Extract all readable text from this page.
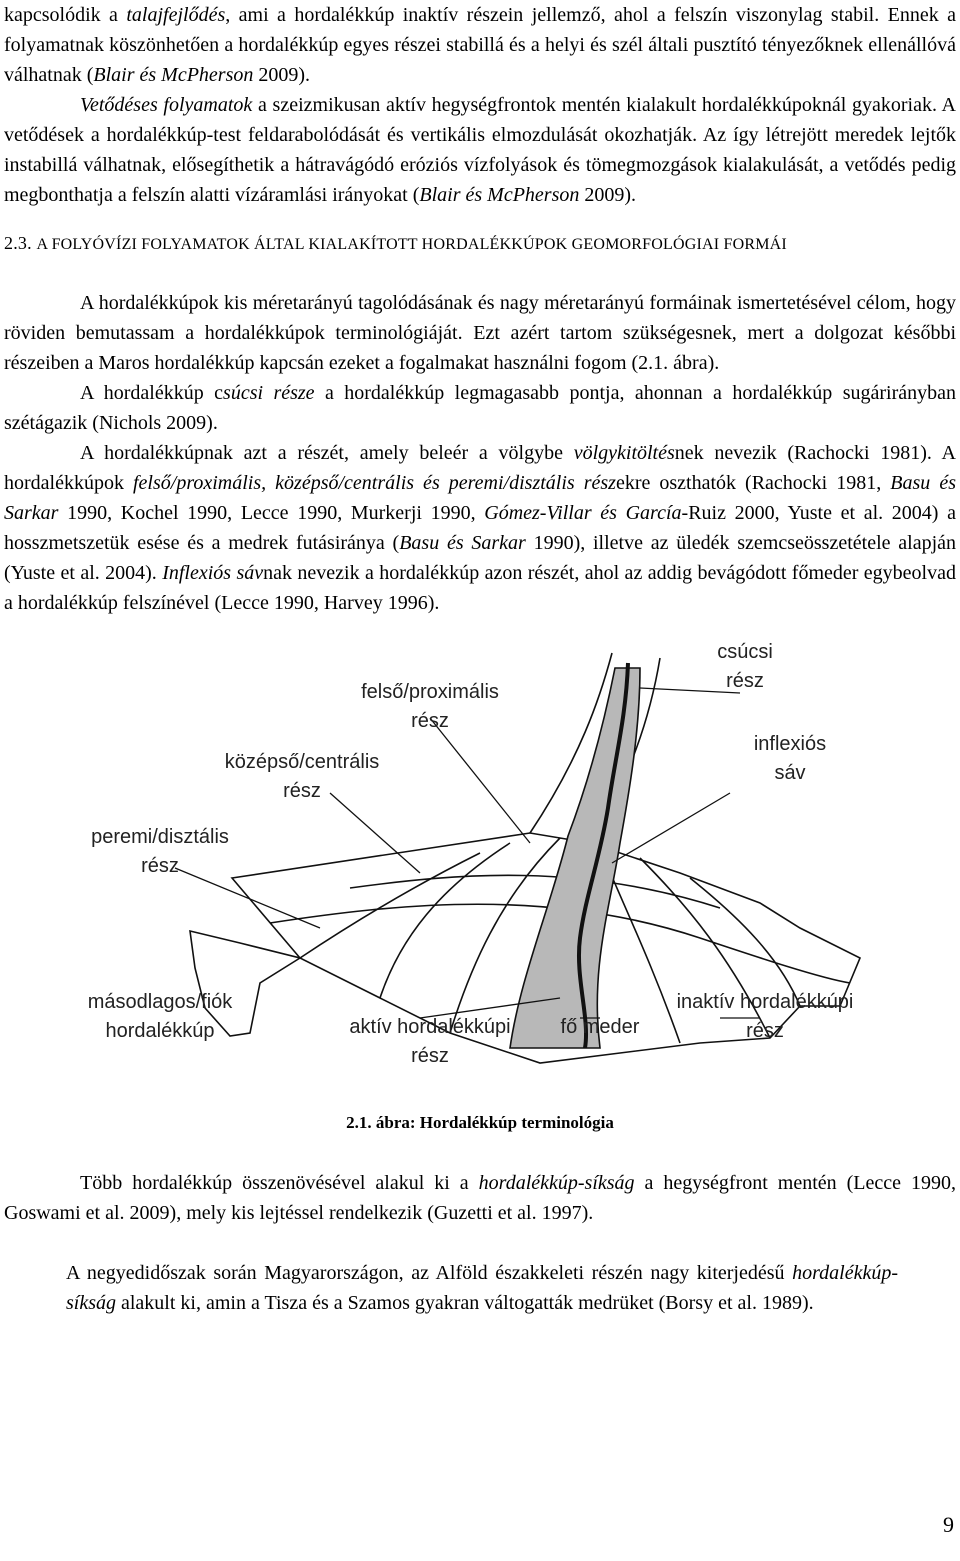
kapcsolódik a talajfejlődés, ami a hordalékkúp inaktív részein jellemző, ahol a felszín viszonylag stabil. Ennek a folyamatnak köszönhetően a hordalékkúp egyes részei stabillá és a helyi és szél általi pusztító tényezőknek ellenállóvá válhatnak (Blair és McPherson 2009).

Vetődéses folyamatok a szeizmikusan aktív hegységfrontok mentén kialakult hordalékkúpoknál gyakoriak. A vetődések a hordalékkúp-test feldarabolódását és vertikális elmozdulását okozhatják. Az így létrejött meredek lejtők instabillá válhatnak, elősegíthetik a hátravágódó eróziós vízfolyások és tömegmozgások kialakulását, a vetődés pedig megbonthatja a felszín alatti vízáramlási irányokat (Blair és McPherson 2009).

2.3. A FOLYÓVÍZI FOLYAMATOK ÁLTAL KIALAKÍTOTT HORDALÉKKÚPOK GEOMORFOLÓGIAI FORMÁI

A hordalékkúpok kis méretarányú tagolódásának és nagy méretarányú formáinak ismertetésével célom, hogy röviden bemutassam a hordalékkúpok terminológiáját. Ezt azért tartom szükségesnek, mert a dolgozat későbbi részeiben a Maros hordalékkúp kapcsán ezeket a fogalmakat használni fogom (2.1. ábra).

A hordalékkúp csúcsi része a hordalékkúp legmagasabb pontja, ahonnan a hordalékkúp sugárirányban szétágazik (Nichols 2009).

A hordalékkúpnak azt a részét, amely beleér a völgybe völgykitöltésnek nevezik (Rachocki 1981). A hordalékkúpok felső/proximális, középső/centrális és peremi/disztális részekre oszthatók (Rachocki 1981, Basu és Sarkar 1990, Kochel 1990, Lecce 1990, Murkerji 1990, Gómez-Villar és García-Ruiz 2000, Yuste et al. 2004) a hosszmetszetük esése és a medrek futásiránya (Basu és Sarkar 1990), illetve az üledék szemcseösszetétele alapján (Yuste et al. 2004). Inflexiós sávnak nevezik a hordalékkúp azon részét, ahol az addig bevágódott főmeder egybeolvad a hordalékkúp felszínével (Lecce 1990, Harvey 1996).

csúcsi
rész
felső/proximális
rész
középső/centrális
rész
inflexiós
sáv
peremi/disztális
rész
másodlagos/fiók
hordalékkúp	aktív hordalékkúpi
rész
fő meder
inaktív hordalékkúpi
rész

2.1. ábra: Hordalékkúp terminológia

Több hordalékkúp összenövésével alakul ki a hordalékkúp-síkság a hegységfront mentén (Lecce 1990, Goswami et al. 2009), mely kis lejtéssel rendelkezik (Guzetti et al. 1997).

A negyedidőszak során Magyarországon, az Alföld északkeleti részén nagy kiterjedésű hordalékkúp-síkság alakult ki, amin a Tisza és a Szamos gyakran váltogatták medrüket (Borsy et al. 1989).

9
